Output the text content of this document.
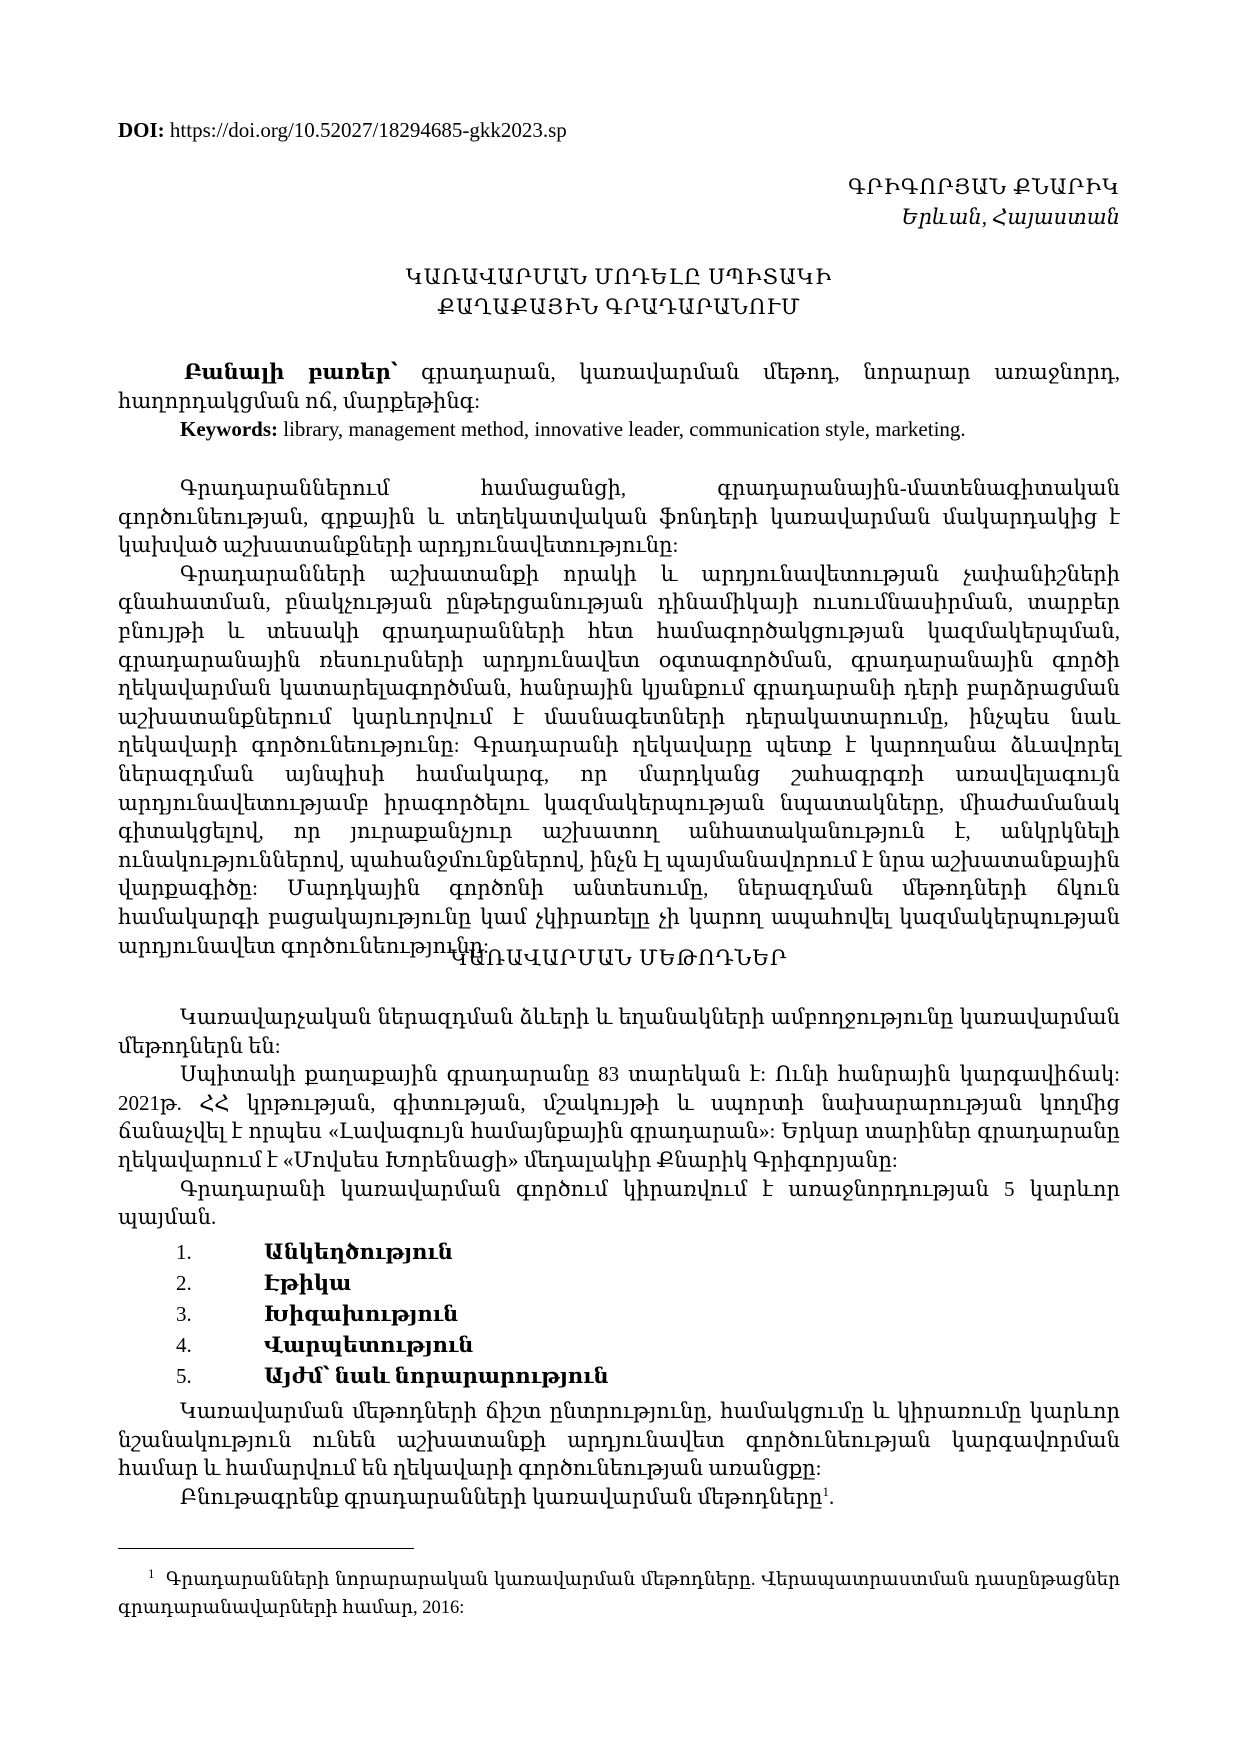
DOI: https://doi.org/10.52027/18294685-gkk2023.sp
ԳՐԻԳՈՐՅԱՆ ՔՆԱՐԻԿ
Երևան, Հայաստան
ԿԱՌԱՎԱՐՄԱՆ ՄՈԴԵԼԸ ՍՊԻՏԱԿԻ
ՔԱՂԱՔԱՅԻՆ ԳՐԱԴԱՐԱՆՈՒՄ

Բանալի բառեր՝ գրադարան, կառավարման մեթոդ, նորարար առաջնորդ, հաղորդակցման ոճ, մարքեթինգ:

Keywords: library, management method, innovative leader, communication style, marketing.

Գրադարաններում համացանցի, գրադարանային-մատենագիտական գործունեության, գրքային և տեղեկատվական ֆոնդերի կառավարման մակարդակից է կախված աշխատանքների արդյունավետությունը:

Գրադարանների աշխատանքի որակի և արդյունավետության չափանիշների գնահատման, բնակչության ընթերցանության դինամիկայի ուսումնասիրման, տարբեր բնույթի և տեսակի գրադարանների հետ համագործակցության կազմակերպման, գրադարանային ռեսուրսների արդյունավետ օգտագործման, գրադարանային գործի ղեկավարման կատարելագործման, հանրային կյանքում գրադարանի դերի բարձրացման աշխատանքներում կարևորվում է մասնագետների դերակատարումը, ինչպես նաև ղեկավարի գործունեությունը: Գրադարանի ղեկավարը պետք է կարողանա ձևավորել ներազդման այնպիսի համակարգ, որ մարդկանց շահագրգռի առավելագույն արդյունավետությամբ իրագործելու կազմակերպության նպատակները, միաժամանակ գիտակցելով, որ յուրաքանչյուր աշխատող անհատականություն է, անկրկնելի ունակություններով, պահանջմունքներով, ինչն էլ պայմանավորում է նրա աշխատանքային վարքագիծը: Մարդկային գործոնի անտեսումը, ներազդման մեթոդների ճկուն համակարգի բացակայությունը կամ չկիրառելը չի կարող ապահովել կազմակերպության արդյունավետ գործունեությունը:

ԿԱՌԱՎԱՐՄԱՆ ՄԵԹՈԴՆԵՐ

Կառավարչական ներազդման ձևերի և եղանակների ամբողջությունը կառավարման մեթոդներն են:

Սպիտակի քաղաքային գրադարանը 83 տարեկան է: Ունի հանրային կարգավիճակ: 2021թ. ՀՀ կրթության, գիտության, մշակույթի և սպորտի նախարարության կողմից ճանաչվել է որպես «Լավագույն համայնքային գրադարան»: Երկար տարիներ գրադարանը ղեկավարում է «Մովսես Խորենացի» մեդալակիր Քնարիկ Գրիգորյանը:

Գրադարանի կառավարման գործում կիրառվում է առաջնորդության 5 կարևոր պայման.

1.	Անկեղծություն
2.	Էթիկա
3.	Խիզախություն
4.	Վարպետություն
5.	Այժմ՝ նաև նորարարություն

Կառավարման մեթոդների ճիշտ ընտրությունը, համակցումը և կիրառումը կարևոր նշանակություն ունեն աշխատանքի արդյունավետ գործունեության կարգավորման համար և համարվում են ղեկավարի գործունեության առանցքը:

Բնութագրենք գրադարանների կառավարման մեթոդները$^1$.

$^1$ Գրադարանների նորարարական կառավարման մեթոդները. Վերապատրաստման դասընթացներ գրադարանավարների համար, 2016:
